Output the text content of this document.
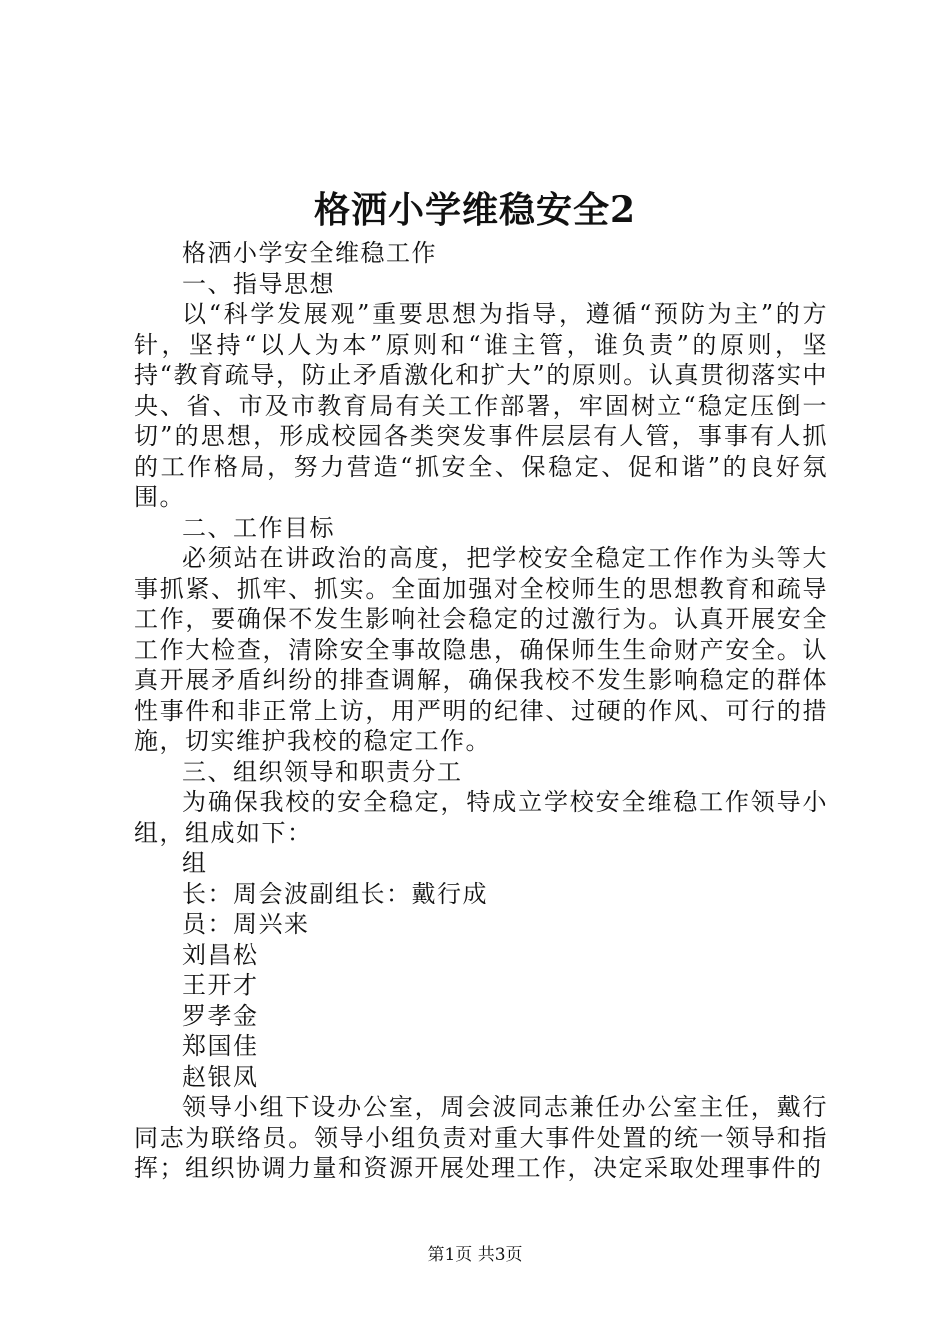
格洒小学维稳安全2

格洒小学安全维稳工作

一、指导思想

以“科学发展观”重要思想为指导，遵循“预防为主”的方针，坚持“以人为本”原则和“谁主管，谁负责”的原则，坚持“教育疏导，防止矛盾激化和扩大”的原则。认真贯彻落实中央、省、市及市教育局有关工作部署，牢固树立“稳定压倒一切”的思想，形成校园各类突发事件层层有人管，事事有人抓的工作格局，努力营造“抓安全、保稳定、促和谐”的良好氛围。

二、工作目标

必须站在讲政治的高度，把学校安全稳定工作作为头等大事抓紧、抓牢、抓实。全面加强对全校师生的思想教育和疏导工作，要确保不发生影响社会稳定的过激行为。认真开展安全工作大检查，清除安全事故隐患，确保师生生命财产安全。认真开展矛盾纠纷的排查调解，确保我校不发生影响稳定的群体性事件和非正常上访，用严明的纪律、过硬的作风、可行的措施，切实维护我校的稳定工作。

三、组织领导和职责分工

为确保我校的安全稳定，特成立学校安全维稳工作领导小组，组成如下：

组

长：周会波副组长：戴行成

员：周兴来

刘昌松

王开才

罗孝金

郑国佳

赵银凤

领导小组下设办公室，周会波同志兼任办公室主任，戴行同志为联络员。领导小组负责对重大事件处置的统一领导和指挥；组织协调力量和资源开展处理工作，决定采取处理事件的

第1页 共3页
